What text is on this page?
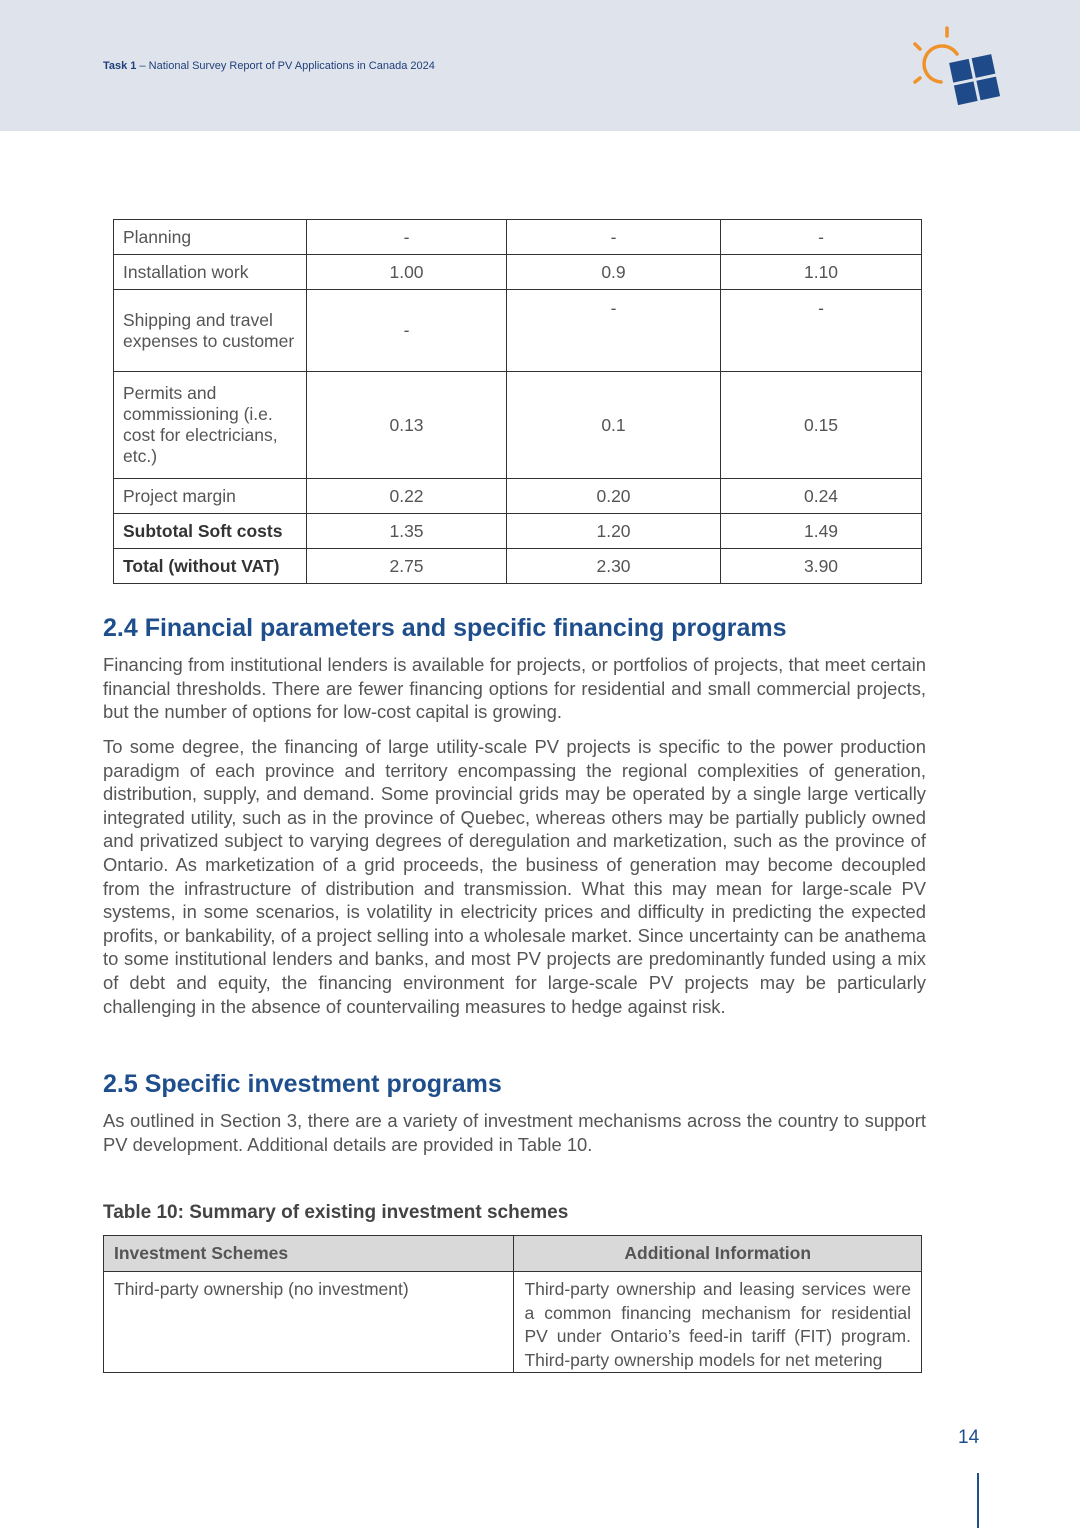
Task 1 – National Survey Report of PV Applications in Canada 2024
Planning	-	-	-
Installation work	1.00	0.9	1.10
Shipping and travel expenses to customer	-	-	-
Permits and commissioning (i.e. cost for electricians, etc.)	0.13	0.1	0.15
Project margin	0.22	0.20	0.24
Subtotal Soft costs	1.35	1.20	1.49
Total (without VAT)	2.75	2.30	3.90
2.4 Financial parameters and specific financing programs

Financing from institutional lenders is available for projects, or portfolios of projects, that meet certain financial thresholds. There are fewer financing options for residential and small commercial projects, but the number of options for low-cost capital is growing.

To some degree, the financing of large utility-scale PV projects is specific to the power production paradigm of each province and territory encompassing the regional complexities of generation, distribution, supply, and demand. Some provincial grids may be operated by a single large vertically integrated utility, such as in the province of Quebec, whereas others may be partially publicly owned and privatized subject to varying degrees of deregulation and marketization, such as the province of Ontario. As marketization of a grid proceeds, the business of generation may become decoupled from the infrastructure of distribution and transmission. What this may mean for large-scale PV systems, in some scenarios, is volatility in electricity prices and difficulty in predicting the expected profits, or bankability, of a project selling into a wholesale market. Since uncertainty can be anathema to some institutional lenders and banks, and most PV projects are predominantly funded using a mix of debt and equity, the financing environment for large-scale PV projects may be particularly challenging in the absence of countervailing measures to hedge against risk.

2.5 Specific investment programs

As outlined in Section 3, there are a variety of investment mechanisms across the country to support PV development. Additional details are provided in Table 10.

Table 10: Summary of existing investment schemes
Investment Schemes	Additional Information
Third-party ownership (no investment)	Third-party ownership and leasing services were a common financing mechanism for residential PV under Ontario’s feed-in tariff (FIT) program. Third-party ownership models for net metering
14
